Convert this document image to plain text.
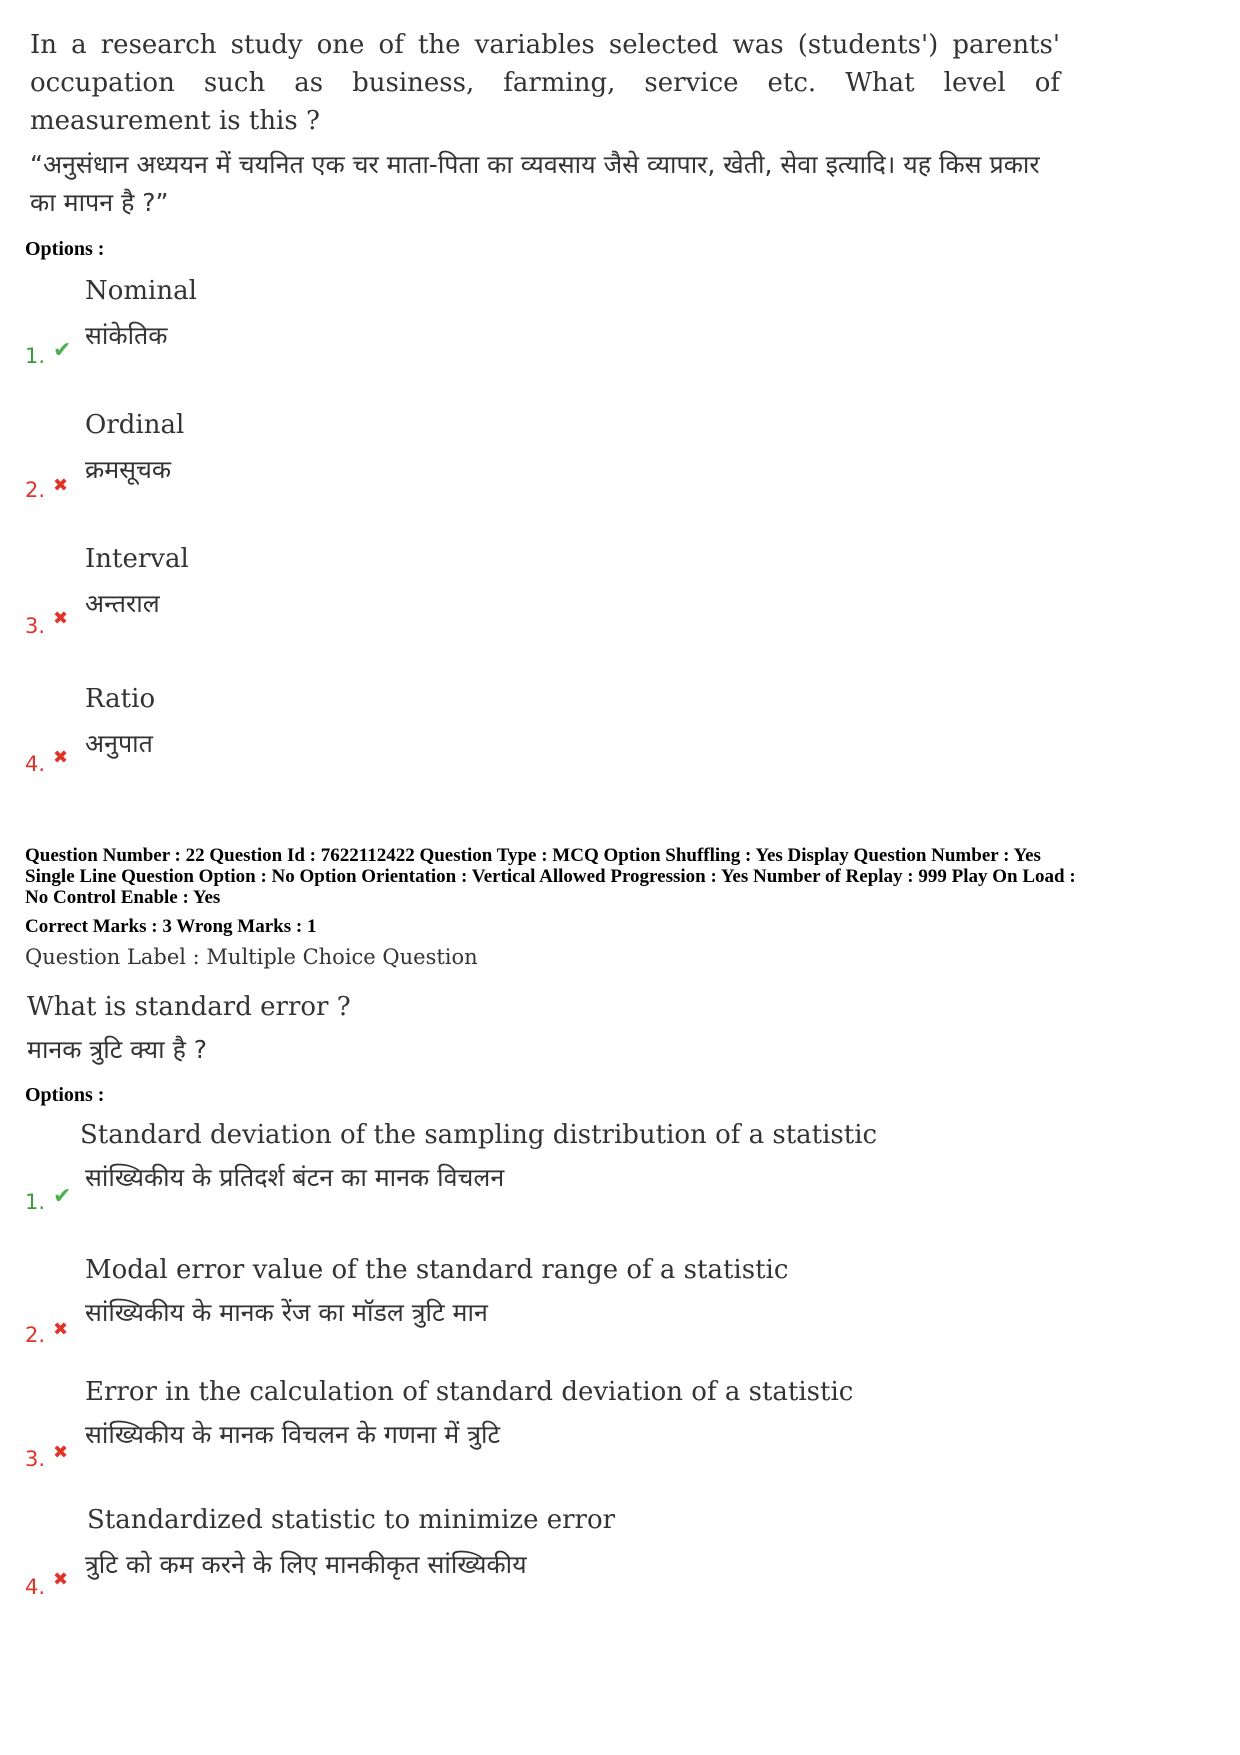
In a research study one of the variables selected was (students') parents' occupation such as business, farming, service etc. What level of measurement is this ?
“अनुसंधान अध्ययन में चयनित एक चर माता-पिता का व्यवसाय जैसे व्यापार, खेती, सेवा इत्यादि। यह किस प्रकार का मापन है ?”
Options :
1. ✔
Nominal
सांकेतिक
2. ✖
Ordinal
क्रमसूचक
3. ✖
Interval
अन्तराल
4. ✖
Ratio
अनुपात
Question Number : 22 Question Id : 7622112422 Question Type : MCQ Option Shuffling : Yes Display Question Number : Yes
Single Line Question Option : No Option Orientation : Vertical Allowed Progression : Yes Number of Replay : 999 Play On Load :
No Control Enable : Yes
Correct Marks : 3 Wrong Marks : 1
Question Label : Multiple Choice Question
What is standard error ?
मानक त्रुटि क्या है ?
Options :
1. ✔
Standard deviation of the sampling distribution of a statistic
सांख्यिकीय के प्रतिदर्श बंटन का मानक विचलन
2. ✖
Modal error value of the standard range of a statistic
सांख्यिकीय के मानक रेंज का मॉडल त्रुटि मान
3. ✖
Error in the calculation of standard deviation of a statistic
सांख्यिकीय के मानक विचलन के गणना में त्रुटि
4. ✖
Standardized statistic to minimize error
त्रुटि को कम करने के लिए मानकीकृत सांख्यिकीय
